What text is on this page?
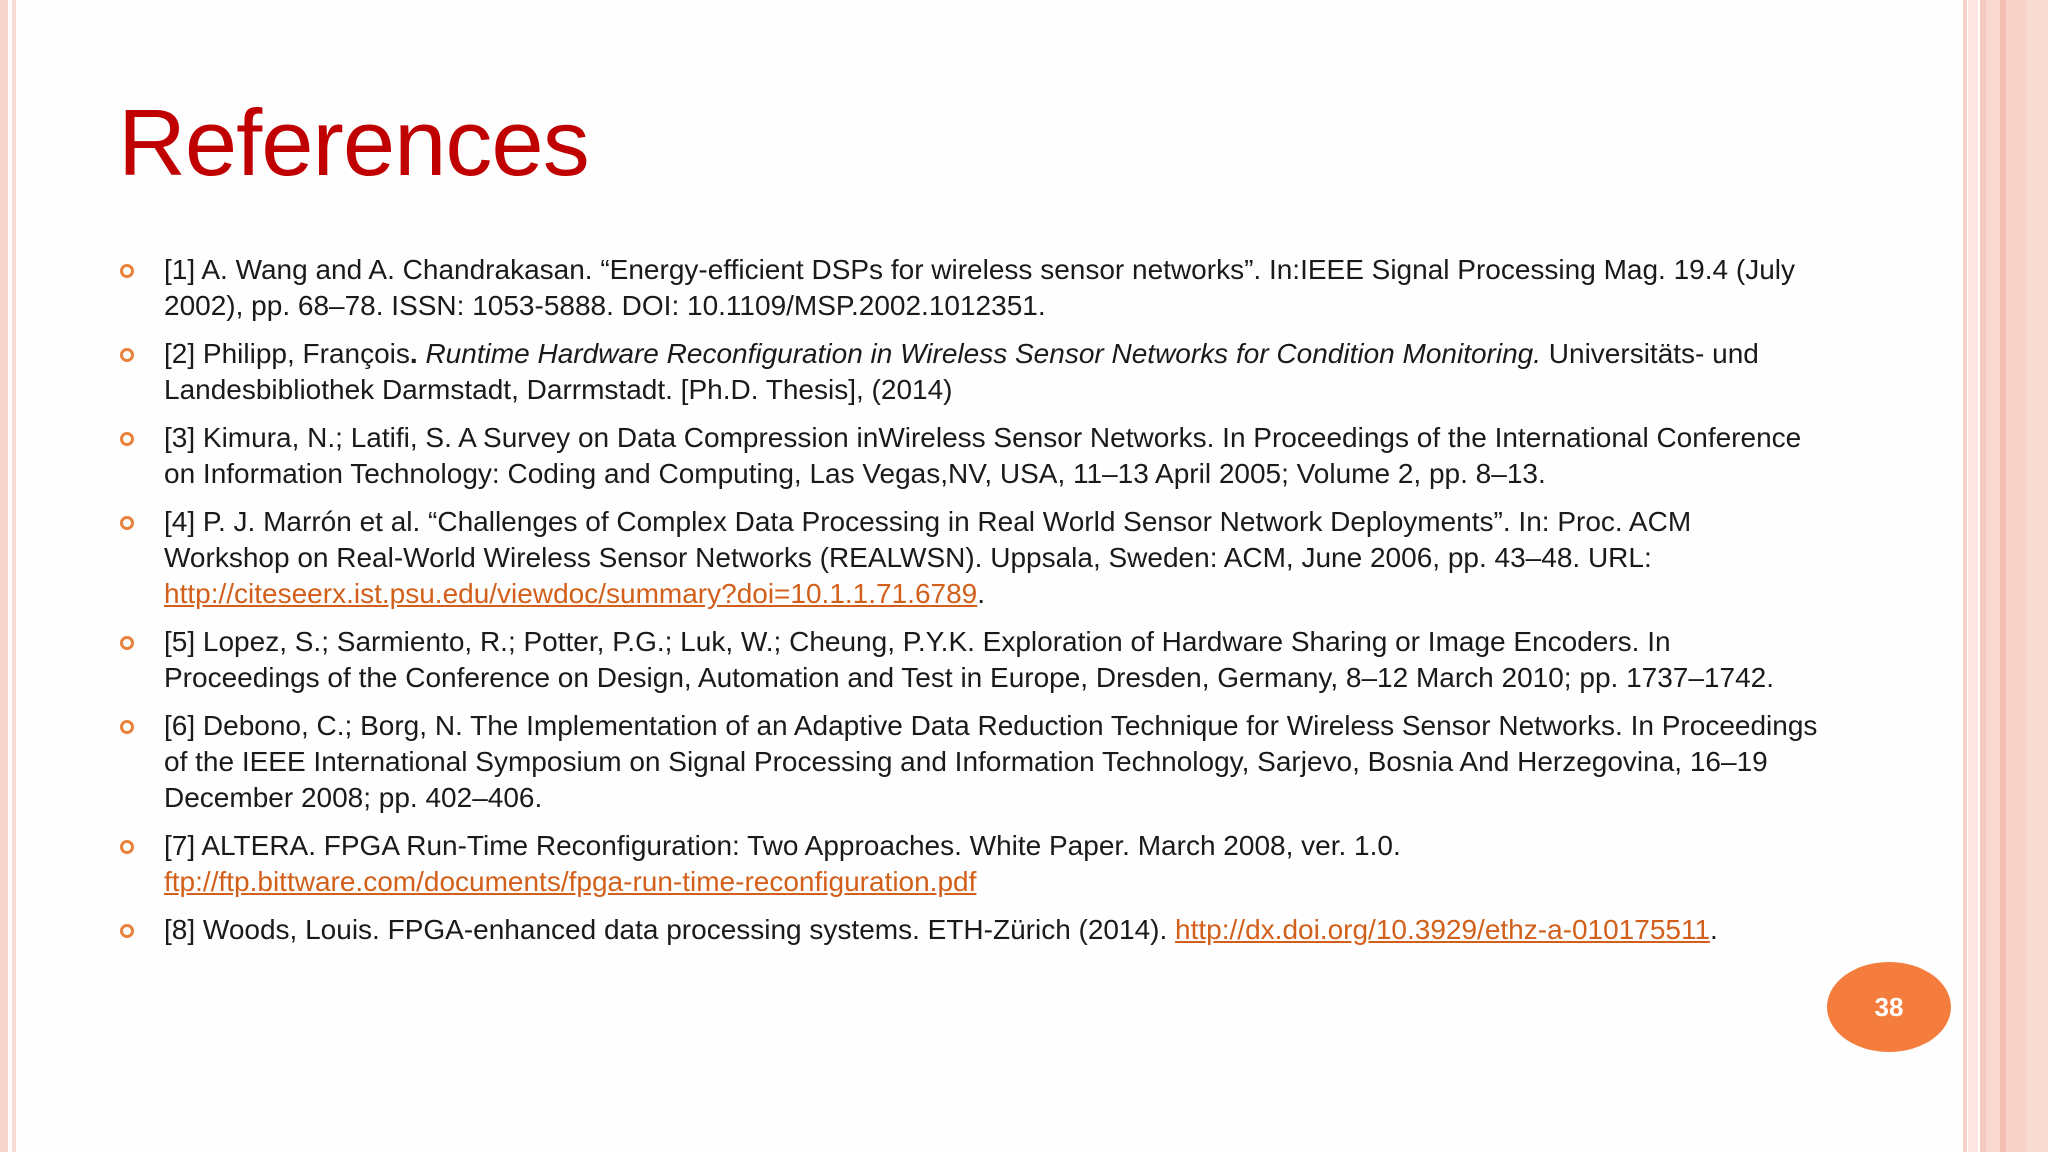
References
[1] A. Wang and A. Chandrakasan. “Energy-efficient DSPs for wireless sensor networks”. In:IEEE Signal Processing Mag. 19.4 (July 2002), pp. 68–78. ISSN: 1053-5888. DOI: 10.1109/MSP.2002.1012351.
[2] Philipp, François. Runtime Hardware Reconfiguration in Wireless Sensor Networks for Condition Monitoring. Universitäts- und Landesbibliothek Darmstadt, Darrmstadt. [Ph.D. Thesis], (2014)
[3] Kimura, N.; Latifi, S. A Survey on Data Compression inWireless Sensor Networks. In Proceedings of the International Conference on Information Technology: Coding and Computing, Las Vegas,NV, USA, 11–13 April 2005; Volume 2, pp. 8–13.
[4] P. J. Marrón et al. “Challenges of Complex Data Processing in Real World Sensor Network Deployments”. In: Proc. ACM Workshop on Real-World Wireless Sensor Networks (REALWSN). Uppsala, Sweden: ACM, June 2006, pp. 43–48. URL: http://citeseerx.ist.psu.edu/viewdoc/summary?doi=10.1.1.71.6789.
[5] Lopez, S.; Sarmiento, R.; Potter, P.G.; Luk, W.; Cheung, P.Y.K. Exploration of Hardware Sharing or Image Encoders. In Proceedings of the Conference on Design, Automation and Test in Europe, Dresden, Germany, 8–12 March 2010; pp. 1737–1742.
[6] Debono, C.; Borg, N. The Implementation of an Adaptive Data Reduction Technique for Wireless Sensor Networks. In Proceedings of the IEEE International Symposium on Signal Processing and Information Technology, Sarjevo, Bosnia And Herzegovina, 16–19 December 2008; pp. 402–406.
[7] ALTERA. FPGA Run-Time Reconfiguration: Two Approaches. White Paper. March 2008, ver. 1.0. ftp://ftp.bittware.com/documents/fpga-run-time-reconfiguration.pdf
[8] Woods, Louis. FPGA-enhanced data processing systems. ETH-Zürich (2014). http://dx.doi.org/10.3929/ethz-a-010175511.
38
